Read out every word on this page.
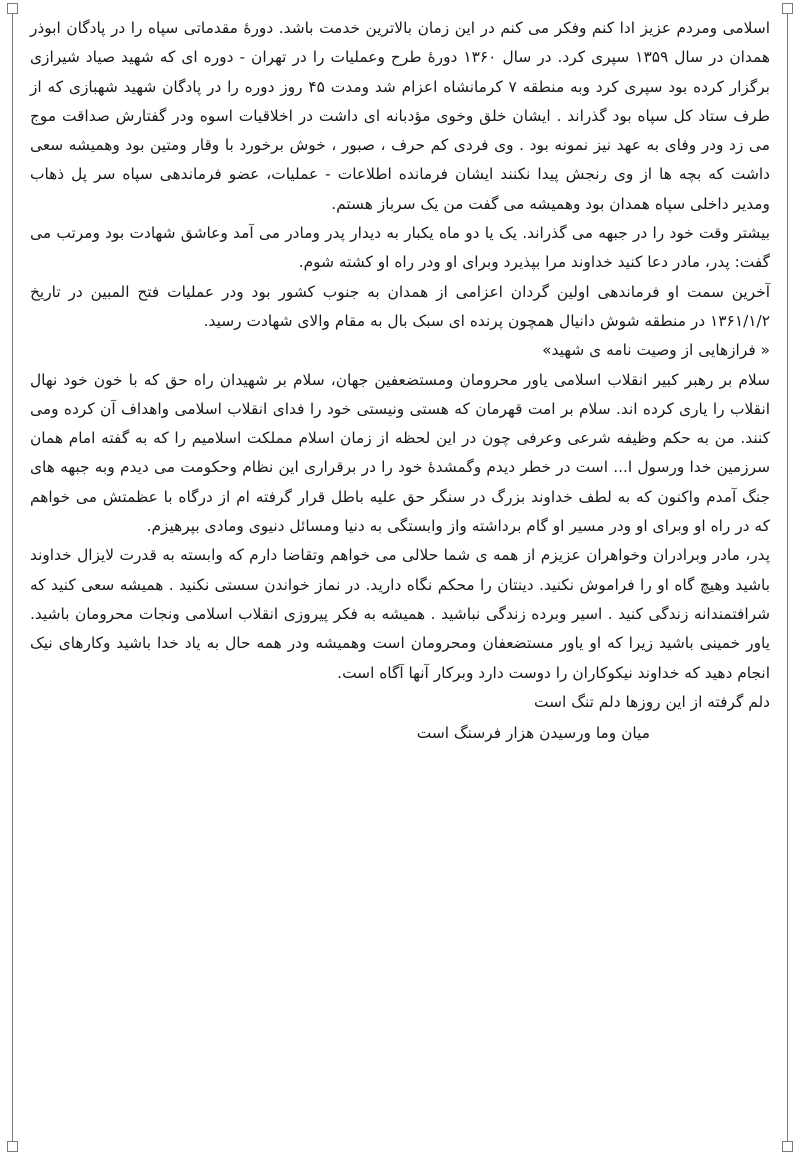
اسلامی ومردم عزیز ادا کنم وفکر می کنم در این زمان بالاترین خدمت باشد. دورهٔ مقدماتی سپاه را در پادگان ابوذر همدان در سال ۱۳۵۹ سپری کرد. در سال ۱۳۶۰ دورهٔ طرح وعملیات را در تهران - دوره ای که شهید صیاد شیرازی برگزار کرده بود سپری کرد وبه منطقه ۷ کرمانشاه اعزام شد ومدت ۴۵ روز دوره را در پادگان شهید شهبازی که از طرف ستاد کل سپاه بود گذراند . ایشان خلق وخوی مؤدبانه ای داشت در اخلاقیات اسوه ودر گفتارش صداقت موج می زد ودر وفای به عهد نیز نمونه بود . وی فردی کم حرف ، صبور ، خوش برخورد با وقار ومتین بود وهمیشه سعی داشت که بچه ها از وی رنجش پیدا نکنند ایشان فرمانده اطلاعات - عملیات، عضو فرماندهی سپاه سر پل ذهاب ومدیر داخلی سپاه همدان بود وهمیشه می گفت من یک سرباز هستم.

بیشتر وقت خود را در جبهه می گذراند. یک یا دو ماه یکبار به دیدار پدر ومادر می آمد وعاشق شهادت بود ومرتب می گفت: پدر، مادر دعا کنید خداوند مرا بپذیرد وبرای او ودر راه او کشته شوم.

آخرین سمت او فرماندهی اولین گردان اعزامی از همدان به جنوب کشور بود ودر عملیات فتح المبین در تاریخ ۱۳۶۱/۱/۲ در منطقه شوش دانیال همچون پرنده ای سبک بال به مقام والای شهادت رسید.

« فرازهایی از وصیت نامه ی شهید»

سلام بر رهبر کبیر انقلاب اسلامی یاور محرومان ومستضعفین جهان، سلام بر شهیدان راه حق که با خون خود نهال انقلاب را یاری کرده اند. سلام بر امت قهرمان که هستی ونیستی خود را فدای انقلاب اسلامی واهداف آن کرده ومی کنند. من به حکم وظیفه شرعی وعرفی چون در این لحظه از زمان اسلام مملکت اسلامیم را که به گفته امام همان سرزمین خدا ورسول ا... است در خطر دیدم وگمشدهٔ خود را در برقراری این نظام وحکومت می دیدم وبه جبهه های جنگ آمدم واکنون که به لطف خداوند بزرگ در سنگر حق علیه باطل قرار گرفته ام از درگاه با عظمتش می خواهم که در راه او وبرای او ودر مسیر او گام برداشته واز وابستگی به دنیا ومسائل دنیوی ومادی بپرهیزم.

پدر، مادر وبرادران وخواهران عزیزم از همه ی شما حلالی می خواهم وتقاضا دارم که وابسته به قدرت لایزال خداوند باشید وهیچ گاه او را فراموش نکنید. دینتان را محکم نگاه دارید. در نماز خواندن سستی نکنید . همیشه سعی کنید که شرافتمندانه زندگی کنید . اسیر وبرده زندگی نباشید . همیشه به فکر پیروزی انقلاب اسلامی ونجات محرومان باشید. یاور خمینی باشید زیرا که او یاور مستضعفان ومحرومان است وهمیشه ودر همه حال به یاد خدا باشید وکارهای نیک انجام دهید که خداوند نیکوکاران را دوست دارد وبرکار آنها آگاه است.

دلم گرفته از این روزها دلم تنگ است

میان وما ورسیدن هزار فرسنگ است
